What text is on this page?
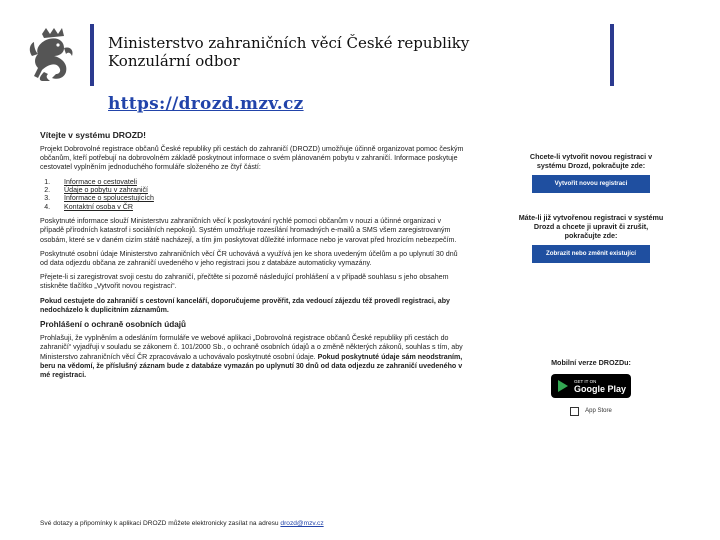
Ministerstvo zahraničních věcí České republiky
Konzulární odbor
https://drozd.mzv.cz

Vítejte v systému DROZD!

Projekt Dobrovolné registrace občanů České republiky při cestách do zahraničí (DROZD) umožňuje účinně organizovat pomoc českým občanům, kteří potřebují na dobrovolném základě poskytnout informace o svém plánovaném pobytu v zahraničí. Informace poskytuje cestovatel vyplněním jednoduchého formuláře složeného ze čtyř částí:

1. Informace o cestovateli
2. Údaje o pobytu v zahraničí
3. Informace o spolucestujících
4. Kontaktní osoba v ČR

Poskytnuté informace slouží Ministerstvu zahraničních věcí k poskytování rychlé pomoci občanům v nouzi a účinné organizaci v případě přírodních katastrof i sociálních nepokojů. Systém umožňuje rozesílání hromadných e-mailů a SMS všem zaregistrovaným osobám, které se v daném cizím státě nacházejí, a tím jim poskytovat důležité informace nebo je varovat před hrozícím nebezpečím.

Poskytnuté osobní údaje Ministerstvo zahraničních věcí ČR uchovává a využívá jen ke shora uvedeným účelům a po uplynutí 30 dnů od data odjezdu občana ze zahraničí uvedeného v jeho registraci jsou z databáze automaticky vymazány.

Přejete-li si zaregistrovat svoji cestu do zahraničí, přečtěte si pozorně následující prohlášení a v případě souhlasu s jeho obsahem stiskněte tlačítko „Vytvořit novou registraci“.

Pokud cestujete do zahraničí s cestovní kanceláří, doporučujeme prověřit, zda vedoucí zájezdu též provedl registraci, aby nedocházelo k duplicitním záznamům.

Prohlášení o ochraně osobních údajů

Prohlašuji, že vyplněním a odesláním formuláře ve webové aplikaci „Dobrovolná registrace občanů České republiky při cestách do zahraničí“ vyjadřuji v souladu se zákonem č. 101/2000 Sb., o ochraně osobních údajů a o změně některých zákonů, souhlas s tím, aby Ministerstvo zahraničních věcí ČR zpracovávalo a uchovávalo poskytnuté osobní údaje. Pokud poskytnuté údaje sám neodstraním, beru na vědomí, že příslušný záznam bude z databáze vymazán po uplynutí 30 dnů od data odjezdu ze zahraničí uvedeného v mé registraci.

Své dotazy a připomínky k aplikaci DROZD můžete elektronicky zasílat na adresu drozd@mzv.cz
Chcete-li vytvořit novou registraci v systému Drozd, pokračujte zde:
Vytvořit novou registraci
Máte-li již vytvořenou registraci v systému Drozd a chcete ji upravit či zrušit, pokračujte zde:
Zobrazit nebo změnit existující
Mobilní verze DROZDu:
GET IT ON
Google Play
App Store
